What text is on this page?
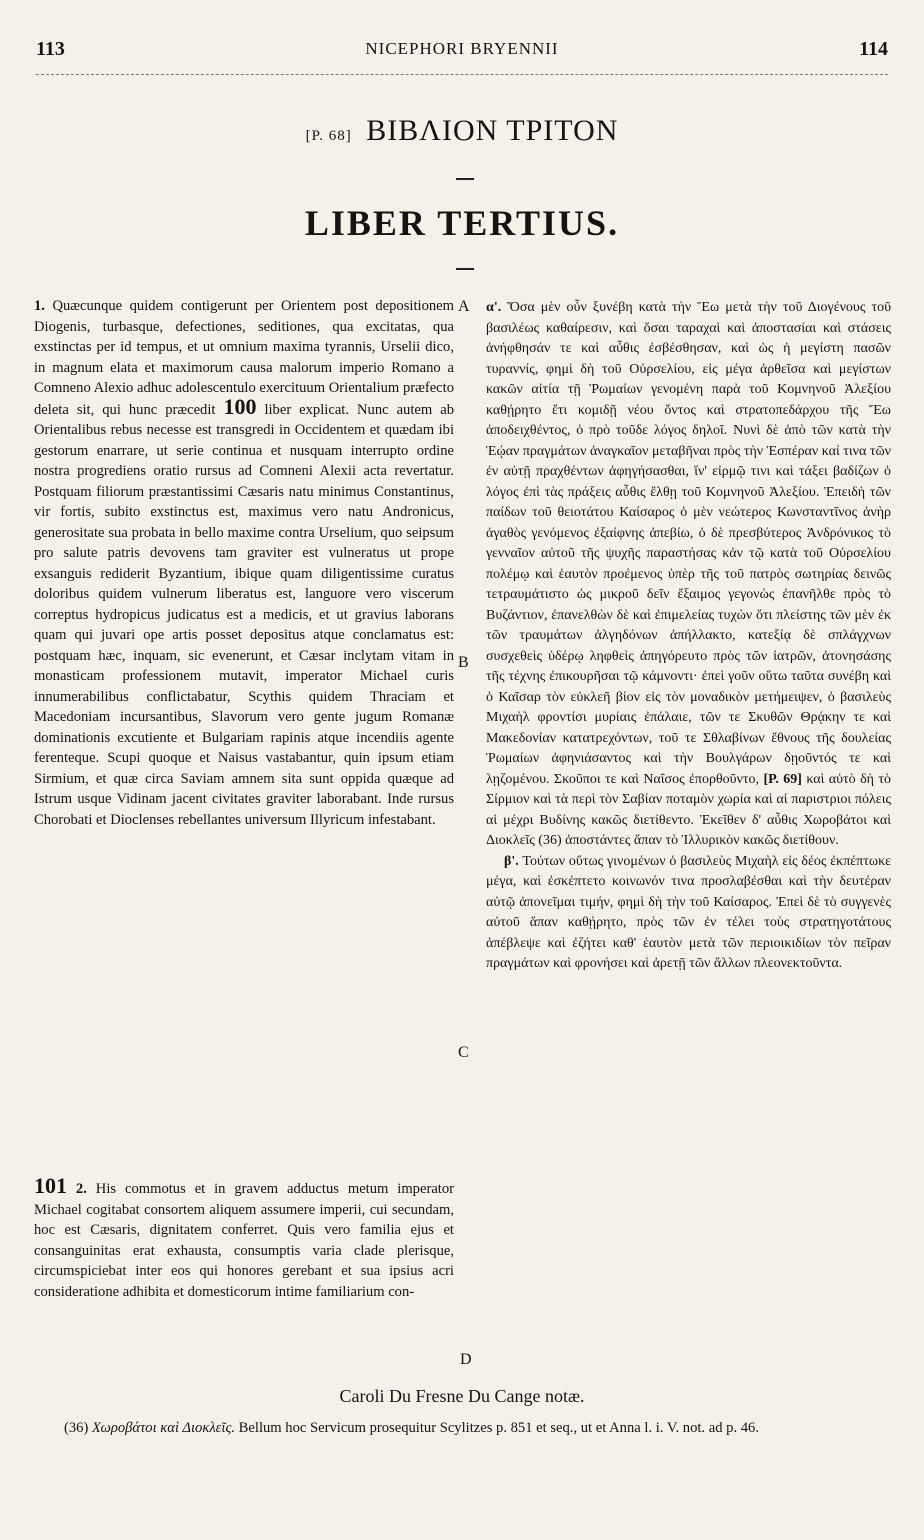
113	NICEPHORI BRYENNII	114
[P. 68] ΒΙΒΛΙΟΝ ΤΡΙΤΟΝ
LIBER TERTIUS.

1. Quæcunque quidem contigerunt per Orientem post depositionem Diogenis, turbasque, defectiones, seditiones, qua excitatas, qua exstinctas per id tempus, et ut omnium maxima tyrannis, Urselii dico, in magnum elata et maximorum causa malorum imperio Romano a Comneno Alexio adhuc adolescentulo exercituum Orientalium præfecto deleta sit, qui hunc præcedit 100 liber explicat. Nunc autem ab Orientalibus rebus necesse est transgredi in Occidentem et quædam ibi gestorum enarrare, ut serie continua et nusquam interrupto ordine nostra progrediens oratio rursus ad Comneni Alexii acta revertatur. Postquam filiorum præstantissimi Cæsaris natu minimus Constantinus, vir fortis, subito exstinctus est, maximus vero natu Andronicus, generositate sua probata in bello maxime contra Urselium, quo seipsum pro salute patris devovens tam graviter est vulneratus ut prope exsanguis rediderit Byzantium, ibique quam diligentissime curatus doloribus quidem vulnerum liberatus est, languore vero viscerum correptus hydropicus judicatus est a medicis, et ut gravius laborans quam qui juvari ope artis posset depositus atque conclamatus est: postquam hæc, inquam, sic evenerunt, et Cæsar inclytam vitam in monasticam professionem mutavit, imperator Michael curis innumerabilibus conflictabatur, Scythis quidem Thraciam et Macedoniam incursantibus, Slavorum vero gente jugum Romanæ dominationis excutiente et Bulgariam rapinis atque incendiis agente ferenteque. Scupi quoque et Naisus vastabantur, quin ipsum etiam Sirmium, et quæ circa Saviam amnem sita sunt oppida quæque ad Istrum usque Vidinam jacent civitates graviter laborabant. Inde rursus Chorobati et Dioclenses rebellantes universum Illyricum infestabant.

101 2. His commotus et in gravem adductus metum imperator Michael cogitabat consortem aliquem assumere imperii, cui secundam, hoc est Cæsaris, dignitatem conferret. Quis vero familia ejus et consanguinitas erat exhausta, consumptis varia clade plerisque, circumspiciebat inter eos qui honores gerebant et sua ipsius acri consideratione adhibita et domesticorum intime familiarium con-

A
B
C
D

α'. Ὅσα μὲν οὖν ξυνέβη κατὰ τὴν Ἕω μετὰ τὴν τοῦ Διογένους τοῦ βασιλέως καθαίρεσιν, καὶ ὅσαι ταραχαὶ καὶ ἀποστασίαι καὶ στάσεις ἀνήφθησάν τε καὶ αὖθις ἐσβέσθησαν, καὶ ὡς ἡ μεγίστη πασῶν τυραννίς, φημὶ δὴ τοῦ Οὐρσελίου, εἰς μέγα ἀρθεῖσα καὶ μεγίστων κακῶν αἰτία τῇ Ῥωμαίων γενομένη παρὰ τοῦ Κομνηνοῦ Ἀλεξίου καθῄρητο ἔτι κομιδῇ νέου ὄντος καὶ στρατοπεδάρχου τῆς Ἕω ἀποδειχθέντος, ὁ πρὸ τοῦδε λόγος δηλοῖ. Νυνὶ δὲ ἀπὸ τῶν κατὰ τὴν Ἑῴαν πραγμάτων ἀναγκαῖον μεταβῆναι πρὸς τὴν Ἑσπέραν καί τινα τῶν ἐν αὐτῇ πραχθέντων ἀφηγήσασθαι, ἵν' εἰρμῷ τινι καὶ τάξει βαδίζων ὁ λόγος ἐπὶ τὰς πράξεις αὖθις ἔλθῃ τοῦ Κομνηνοῦ Ἀλεξίου. Ἐπειδὴ τῶν παίδων τοῦ θειοτάτου Καίσαρος ὁ μὲν νεώτερος Κωνσταντῖνος ἀνὴρ ἀγαθὸς γενόμενος ἐξαίφνης ἀπεβίω, ὁ δὲ πρεσβύτερος Ἀνδρόνικος τὸ γενναῖον αὐτοῦ τῆς ψυχῆς παραστήσας κἀν τῷ κατὰ τοῦ Οὐρσελίου πολέμῳ καὶ ἑαυτὸν προέμενος ὑπὲρ τῆς τοῦ πατρὸς σωτηρίας δεινῶς τετραυμάτιστο ὡς μικροῦ δεῖν ἔξαιμος γεγονὼς ἐπανῆλθε πρὸς τὸ Βυζάντιον, ἐπανελθὼν δὲ καὶ ἐπιμελείας τυχὼν ὅτι πλείστης τῶν μὲν ἐκ τῶν τραυμάτων ἀλγηδόνων ἀπήλλακτο, κατεξίᾳ δὲ σπλάγχνων συσχεθεὶς ὑδέρῳ ληφθεὶς ἀπηγόρευτο πρὸς τῶν ἰατρῶν, ἀτονησάσης τῆς τέχνης ἐπικουρῆσαι τῷ κάμνοντι· ἐπεὶ γοῦν οὕτω ταῦτα συνέβη καὶ ὁ Καῖσαρ τὸν εὐκλεῆ βίον εἰς τὸν μοναδικὸν μετήμειψεν, ὁ βασιλεὺς Μιχαὴλ φροντίσι μυρίαις ἐπάλαιε, τῶν τε Σκυθῶν Θρᾴκην τε καὶ Μακεδονίαν κατατρεχόντων, τοῦ τε Σθλαβίνων ἔθνους τῆς δουλείας Ῥωμαίων ἀφηνιάσαντος καὶ τὴν Βουλγάρων δῃοῦντός τε καὶ λῃζομένου. Σκοῦποι τε καὶ Ναΐσος ἐπορθοῦντο, [P. 69] καὶ αὐτὸ δὴ τὸ Σίρμιον καὶ τὰ περὶ τὸν Σαβίαν ποταμὸν χωρία καὶ αἱ παριστριοι πόλεις αἱ μέχρι Βυδίνης κακῶς διετίθεντο. Ἐκεῖθεν δ' αὖθις Χωροβάτοι καὶ Διοκλεῖς (36) ἀποστάντες ἅπαν τὸ Ἰλλυρικὸν κακῶς διετίθουν.

β'. Τούτων οὕτως γινομένων ὁ βασιλεὺς Μιχαὴλ εἰς δέος ἐκπέπτωκε μέγα, καὶ ἐσκέπτετο κοινωνόν τινα προσλαβέσθαι καὶ τὴν δευτέραν αὐτῷ ἀπονεῖμαι τιμήν, φημὶ δὴ τὴν τοῦ Καίσαρος. Ἐπεὶ δὲ τὸ συγγενὲς αὐτοῦ ἅπαν καθῄρητο, πρὸς τῶν ἐν τέλει τοὺς στρατηγοτάτους ἀπέβλεψε καὶ ἐζήτει καθ' ἑαυτὸν μετὰ τῶν περιοικιδίων τὸν πεῖραν πραγμάτων καὶ φρονήσει καὶ ἀρετῇ τῶν ἄλλων πλεονεκτοῦντα.

Caroli Du Fresne Du Cange notæ.
(36) Χωροβάτοι καὶ Διοκλεῖς. Bellum hoc Servicum prosequitur Scylitzes p. 851 et seq., ut et Anna l. i. V. not. ad p. 46.
